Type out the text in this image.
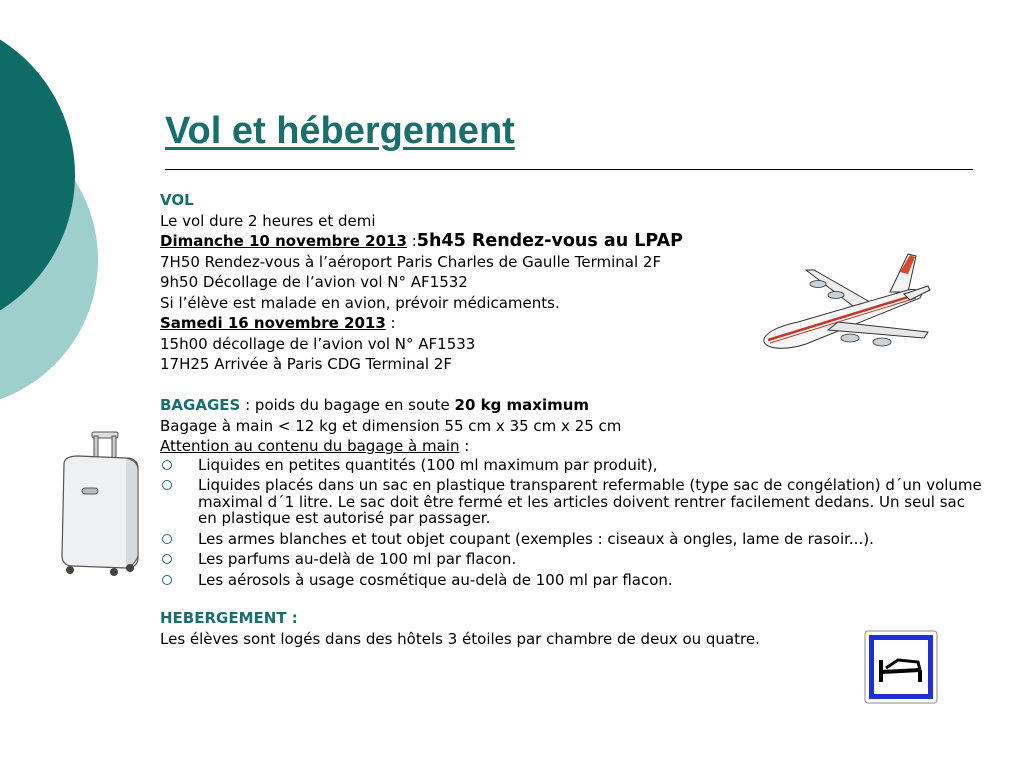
Vol et hébergement

VOL

Le vol dure 2 heures et demi

Dimanche 10 novembre 2013 :5h45 Rendez-vous au LPAP

7H50 Rendez-vous à l’aéroport Paris Charles de Gaulle Terminal 2F

9h50 Décollage de l’avion vol N° AF1532

Si l’élève est malade en avion, prévoir médicaments.

Samedi 16 novembre 2013 :

15h00 décollage de l’avion vol N° AF1533

17H25 Arrivée à Paris CDG Terminal 2F

BAGAGES : poids du bagage en soute 20 kg maximum

Bagage à main < 12 kg et dimension 55 cm x 35 cm x 25 cm

Attention au contenu du bagage à main :

Liquides en petites quantités (100 ml maximum par produit),
Liquides placés dans un sac en plastique transparent refermable (type sac de congélation) d´un volume maximal d´1 litre. Le sac doit être fermé et les articles doivent rentrer facilement dedans. Un seul sac en plastique est autorisé par passager.
Les armes blanches et tout objet coupant (exemples : ciseaux à ongles, lame de rasoir...).
Les parfums au-delà de 100 ml par flacon.
Les aérosols à usage cosmétique au-delà de 100 ml par flacon.

HEBERGEMENT :

Les élèves sont logés dans des hôtels 3 étoiles par chambre de deux ou quatre.
